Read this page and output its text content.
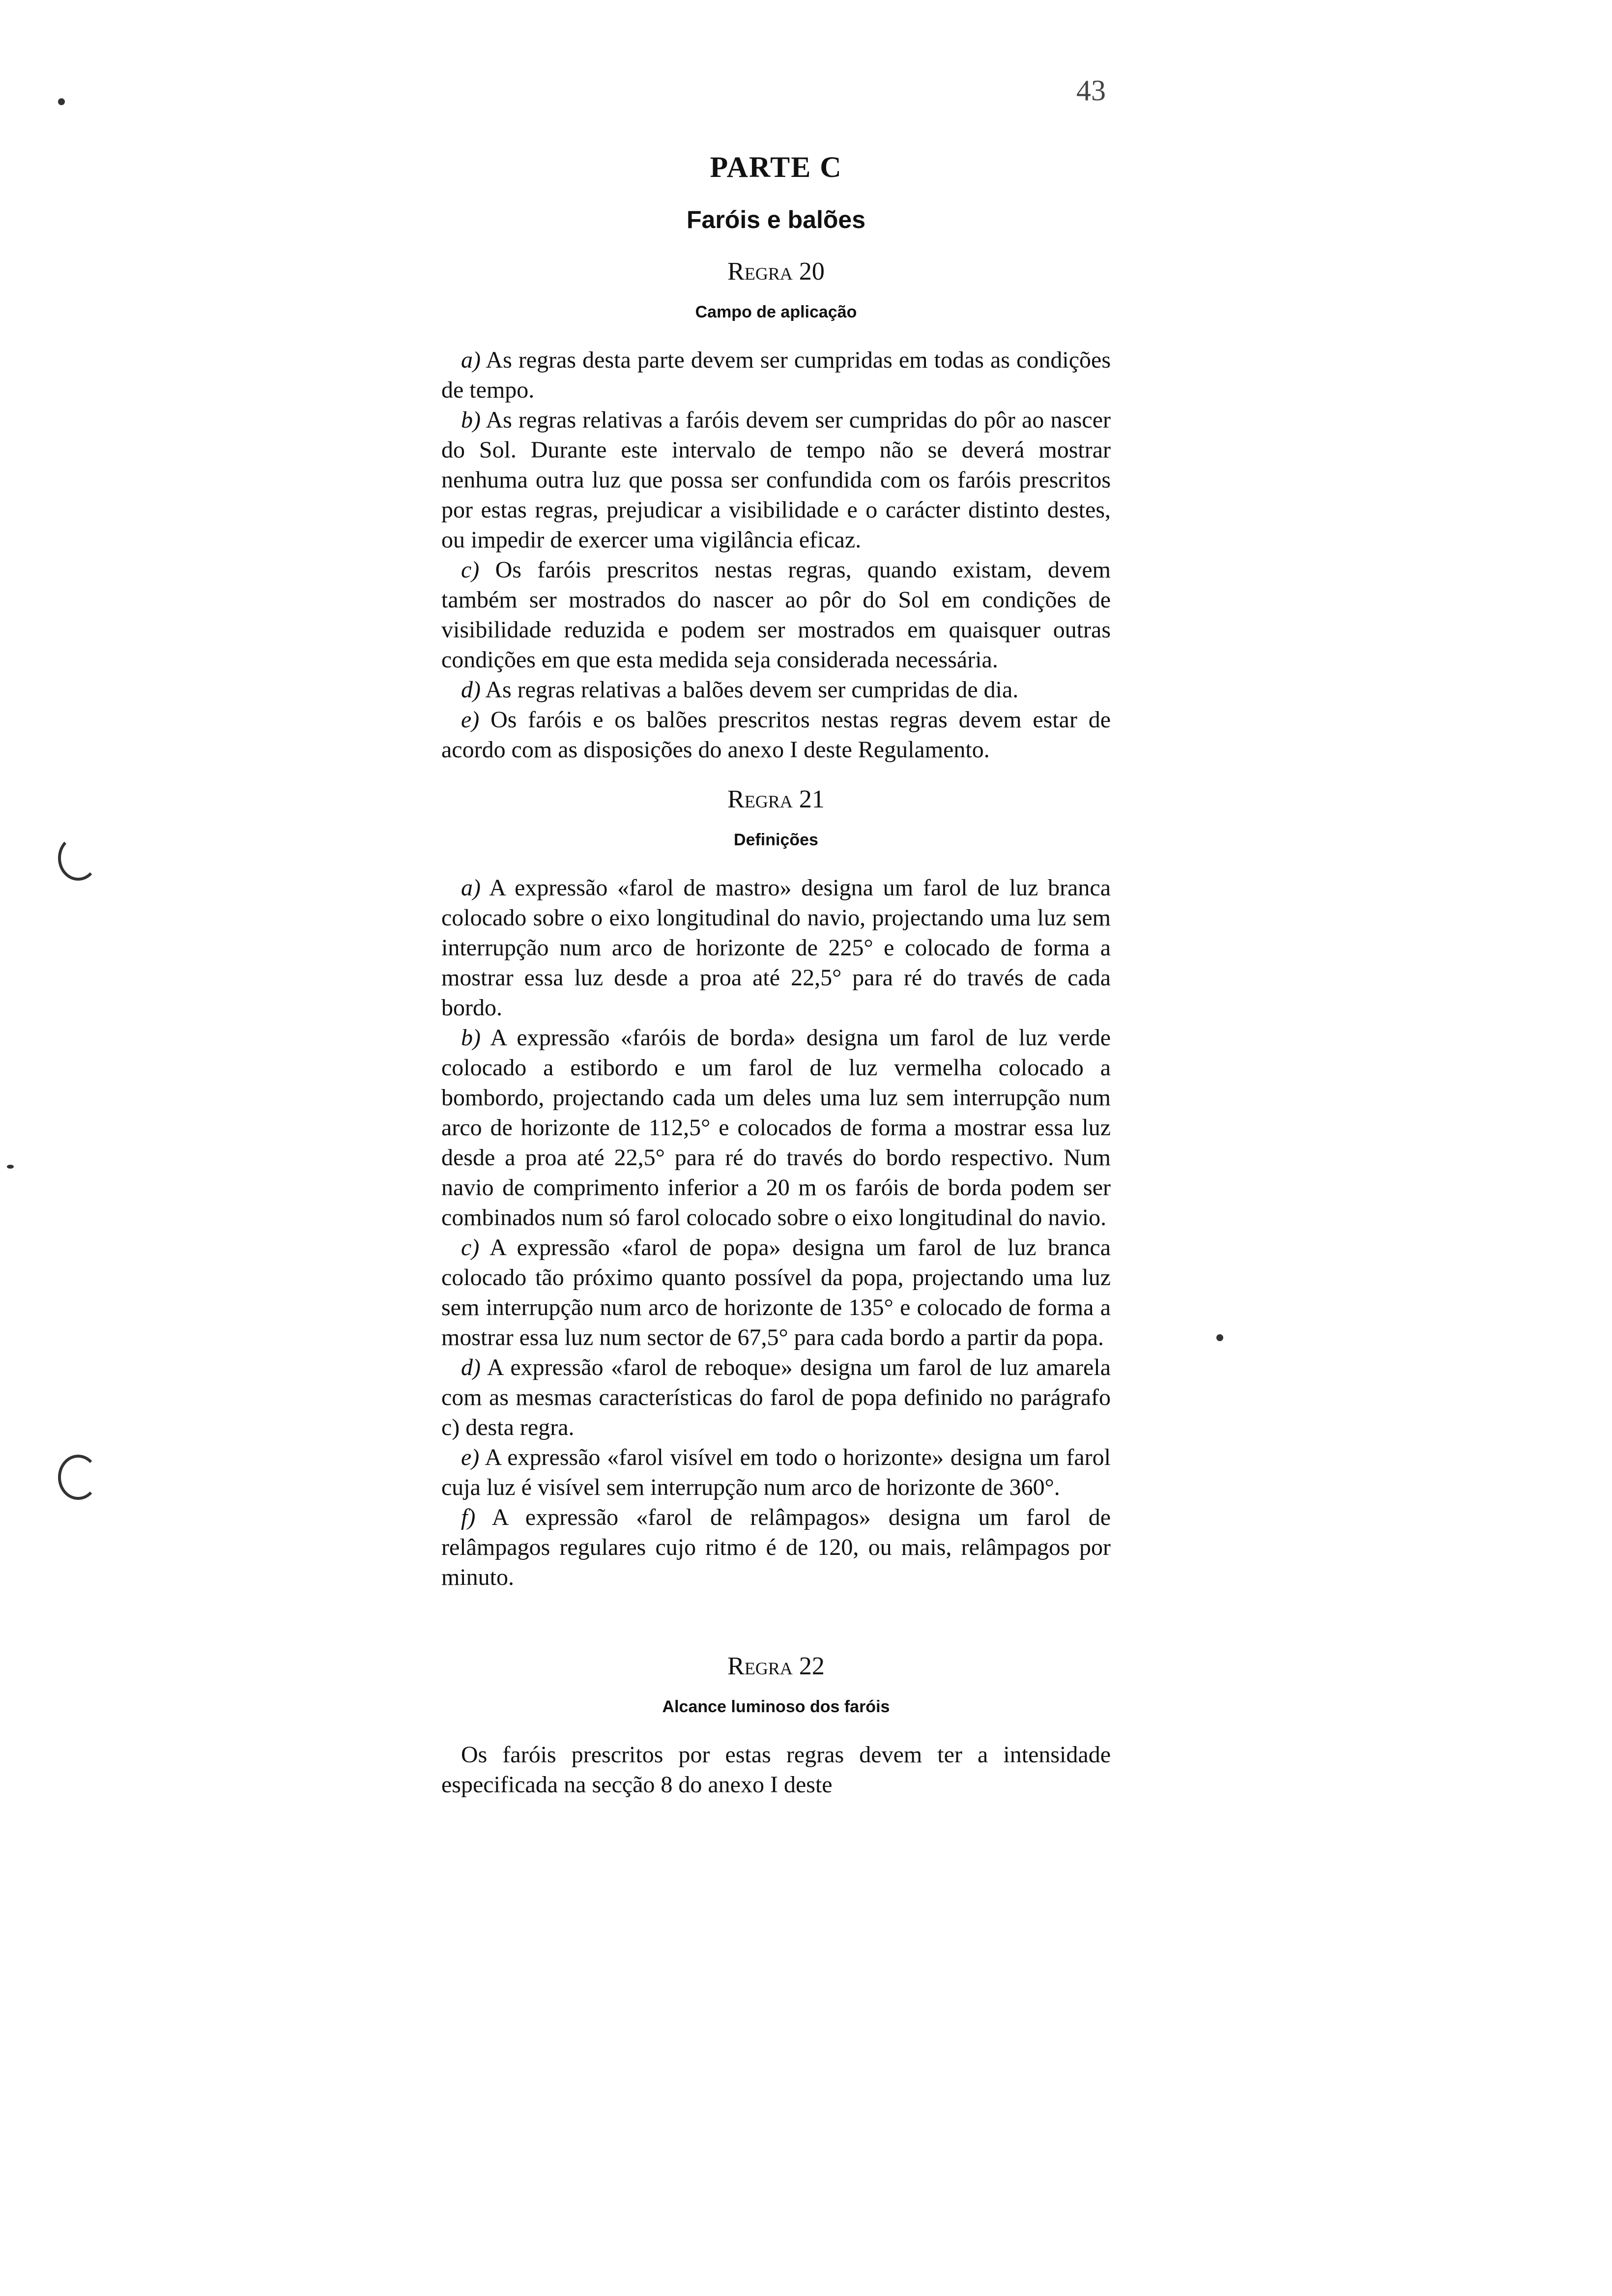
43
PARTE C
Faróis e balões
Regra 20
Campo de aplicação

a) As regras desta parte devem ser cumpridas em todas as condições de tempo.

b) As regras relativas a faróis devem ser cumpridas do pôr ao nascer do Sol. Durante este intervalo de tempo não se deverá mostrar nenhuma outra luz que possa ser confundida com os faróis prescritos por estas regras, prejudicar a visibilidade e o carácter distinto destes, ou impedir de exercer uma vigilância eficaz.

c) Os faróis prescritos nestas regras, quando existam, devem também ser mostrados do nascer ao pôr do Sol em condições de visibilidade reduzida e podem ser mostrados em quaisquer outras condições em que esta medida seja considerada necessária.

d) As regras relativas a balões devem ser cumpridas de dia.

e) Os faróis e os balões prescritos nestas regras devem estar de acordo com as disposições do anexo I deste Regulamento.

Regra 21
Definições

a) A expressão «farol de mastro» designa um farol de luz branca colocado sobre o eixo longitudinal do navio, projectando uma luz sem interrupção num arco de horizonte de 225° e colocado de forma a mostrar essa luz desde a proa até 22,5° para ré do través de cada bordo.

b) A expressão «faróis de borda» designa um farol de luz verde colocado a estibordo e um farol de luz vermelha colocado a bombordo, projectando cada um deles uma luz sem interrupção num arco de horizonte de 112,5° e colocados de forma a mostrar essa luz desde a proa até 22,5° para ré do través do bordo respectivo. Num navio de comprimento inferior a 20 m os faróis de borda podem ser combinados num só farol colocado sobre o eixo longitudinal do navio.

c) A expressão «farol de popa» designa um farol de luz branca colocado tão próximo quanto possível da popa, projectando uma luz sem interrupção num arco de horizonte de 135° e colocado de forma a mostrar essa luz num sector de 67,5° para cada bordo a partir da popa.

d) A expressão «farol de reboque» designa um farol de luz amarela com as mesmas características do farol de popa definido no parágrafo c) desta regra.

e) A expressão «farol visível em todo o horizonte» designa um farol cuja luz é visível sem interrupção num arco de horizonte de 360°.

f) A expressão «farol de relâmpagos» designa um farol de relâmpagos regulares cujo ritmo é de 120, ou mais, relâmpagos por minuto.

Regra 22
Alcance luminoso dos faróis

Os faróis prescritos por estas regras devem ter a intensidade especificada na secção 8 do anexo I deste
